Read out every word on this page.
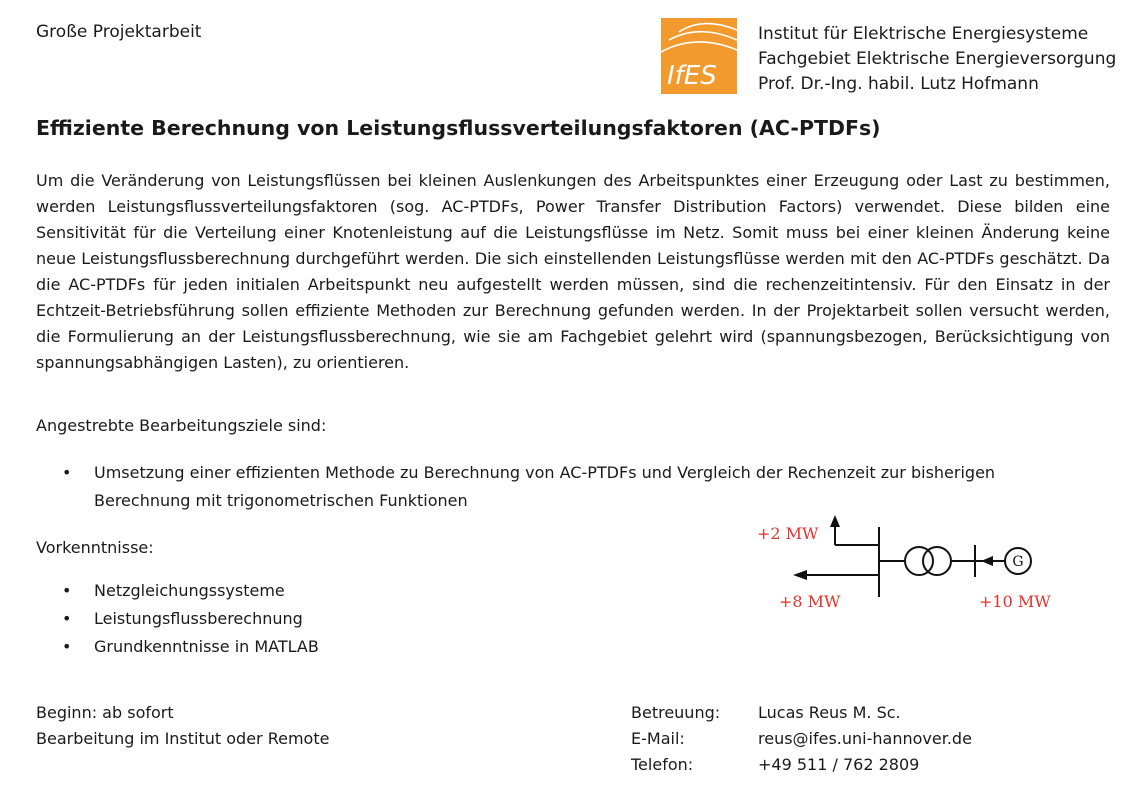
Große Projektarbeit
IfES
Institut für Elektrische Energiesysteme
Fachgebiet Elektrische Energieversorgung
Prof. Dr.-Ing. habil. Lutz Hofmann
Effiziente Berechnung von Leistungsflussverteilungsfaktoren (AC-PTDFs)
Um die Veränderung von Leistungsflüssen bei kleinen Auslenkungen des Arbeitspunktes einer Erzeugung oder Last zu bestimmen,
werden Leistungsflussverteilungsfaktoren (sog. AC-PTDFs, Power Transfer Distribution Factors) verwendet. Diese bilden eine
Sensitivität für die Verteilung einer Knotenleistung auf die Leistungsflüsse im Netz. Somit muss bei einer kleinen Änderung keine
neue Leistungsflussberechnung durchgeführt werden. Die sich einstellenden Leistungsflüsse werden mit den AC-PTDFs geschätzt. Da
die AC-PTDFs für jeden initialen Arbeitspunkt neu aufgestellt werden müssen, sind die rechenzeitintensiv. Für den Einsatz in der
Echtzeit-Betriebsführung sollen effiziente Methoden zur Berechnung gefunden werden. In der Projektarbeit sollen versucht werden,
die Formulierung an der Leistungsflussberechnung, wie sie am Fachgebiet gelehrt wird (spannungsbezogen, Berücksichtigung von
spannungsabhängigen Lasten), zu orientieren.
Angestrebte Bearbeitungsziele sind:
• Umsetzung einer effizienten Methode zu Berechnung von AC-PTDFs und Vergleich der Rechenzeit zur bisherigen
Berechnung mit trigonometrischen Funktionen
Vorkenntnisse:
• Netzgleichungssysteme
• Leistungsflussberechnung
• Grundkenntnisse in MATLAB
G
+2 MW
+8 MW	+10 MW
Beginn: ab sofort
Bearbeitung im Institut oder Remote
Betreuung: Lucas Reus M. Sc.
E-Mail:	reus@ifes.uni-hannover.de
Telefon:	+49 511 / 762 2809
